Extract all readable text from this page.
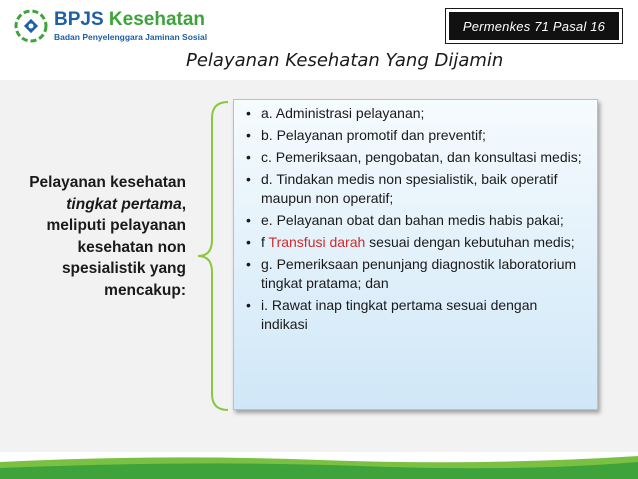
BPJS Kesehatan
Badan Penyelenggara Jaminan Sosial
Permenkes 71 Pasal 16
Pelayanan Kesehatan Yang Dijamin
Pelayanan kesehatan tingkat pertama, meliputi pelayanan kesehatan non spesialistik yang mencakup:
• a. Administrasi pelayanan;
• b. Pelayanan promotif dan preventif;
• c. Pemeriksaan, pengobatan, dan konsultasi medis;
• d. Tindakan medis non spesialistik, baik operatif maupun non operatif;
• e. Pelayanan obat dan bahan medis habis pakai;
• f Transfusi darah sesuai dengan kebutuhan medis;
• g. Pemeriksaan penunjang diagnostik laboratorium tingkat pratama; dan
• i. Rawat inap tingkat pertama sesuai dengan indikasi
